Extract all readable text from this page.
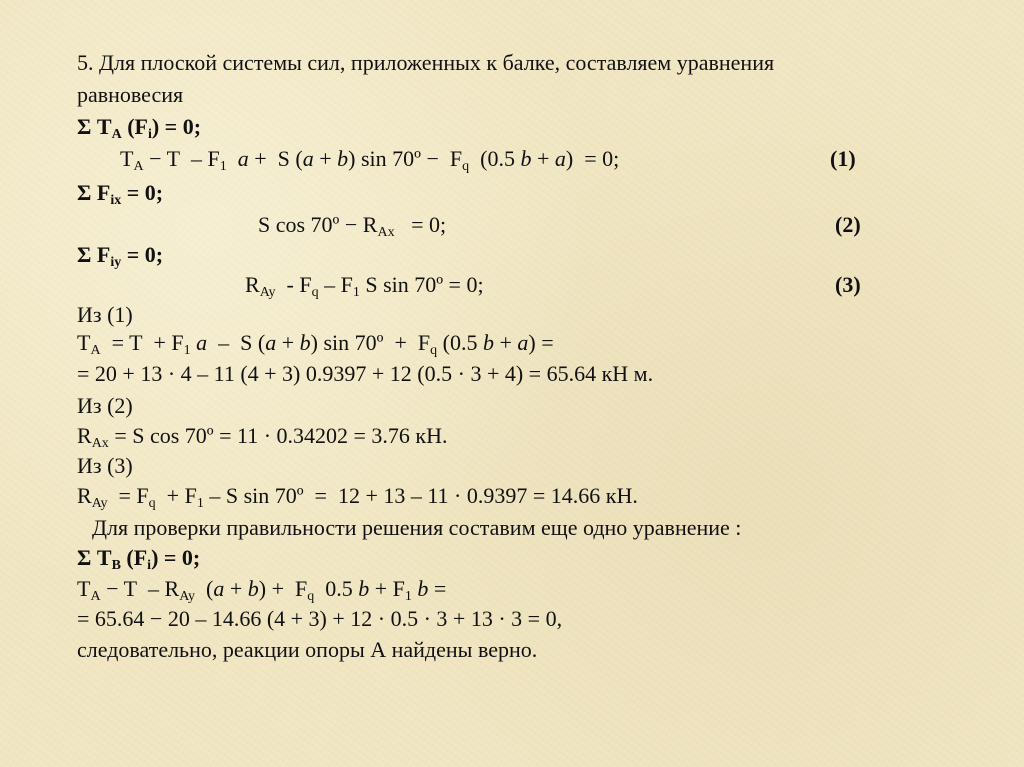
5. Для плоской системы сил, приложенных к балке, составляем уравнения
равновесия
Σ $T_A$ $(F_i) = 0$;
$T_A - T - F_1$ a +  S (a + b) sin 70º −  $F_q$  (0.5 b + a)  = 0;	(1)
Σ $F_{ix} = 0$;
S cos 70º − $R_{Ax} = 0$;	(2)
Σ $F_{iy} = 0$;
$R_{Ay} - F_q - F_1$ S sin 70º = 0;	(3)
Из (1)
$T_A = T + F_1$ a  –  S (a + b) sin 70º  +  $F_q$ (0.5 b + a) =
= 20 + 13 · 4 – 11 (4 + 3) 0.9397 + 12 (0.5 · 3 + 4) = 65.64 кН м.
Из (2)
$R_{Ax} = S$ cos 70º = 11 · 0.34202 = 3.76 кН.
Из (3)
$R_{Ay} = F_q + F_1 - S$ sin 70º  =  12 + 13 – 11 · 0.9397 = 14.66 кН.
Для проверки правильности решения составим еще одно уравнение :
Σ $T_B$ $(F_i) = 0$;
$T_A - T - R_{Ay}$  $(a + b) + F_q$  0.5 $b + F_1$ b =
= 65.64 − 20 – 14.66 (4 + 3) + 12 · 0.5 · 3 + 13 · 3 = 0,
следовательно, реакции опоры А найдены верно.
